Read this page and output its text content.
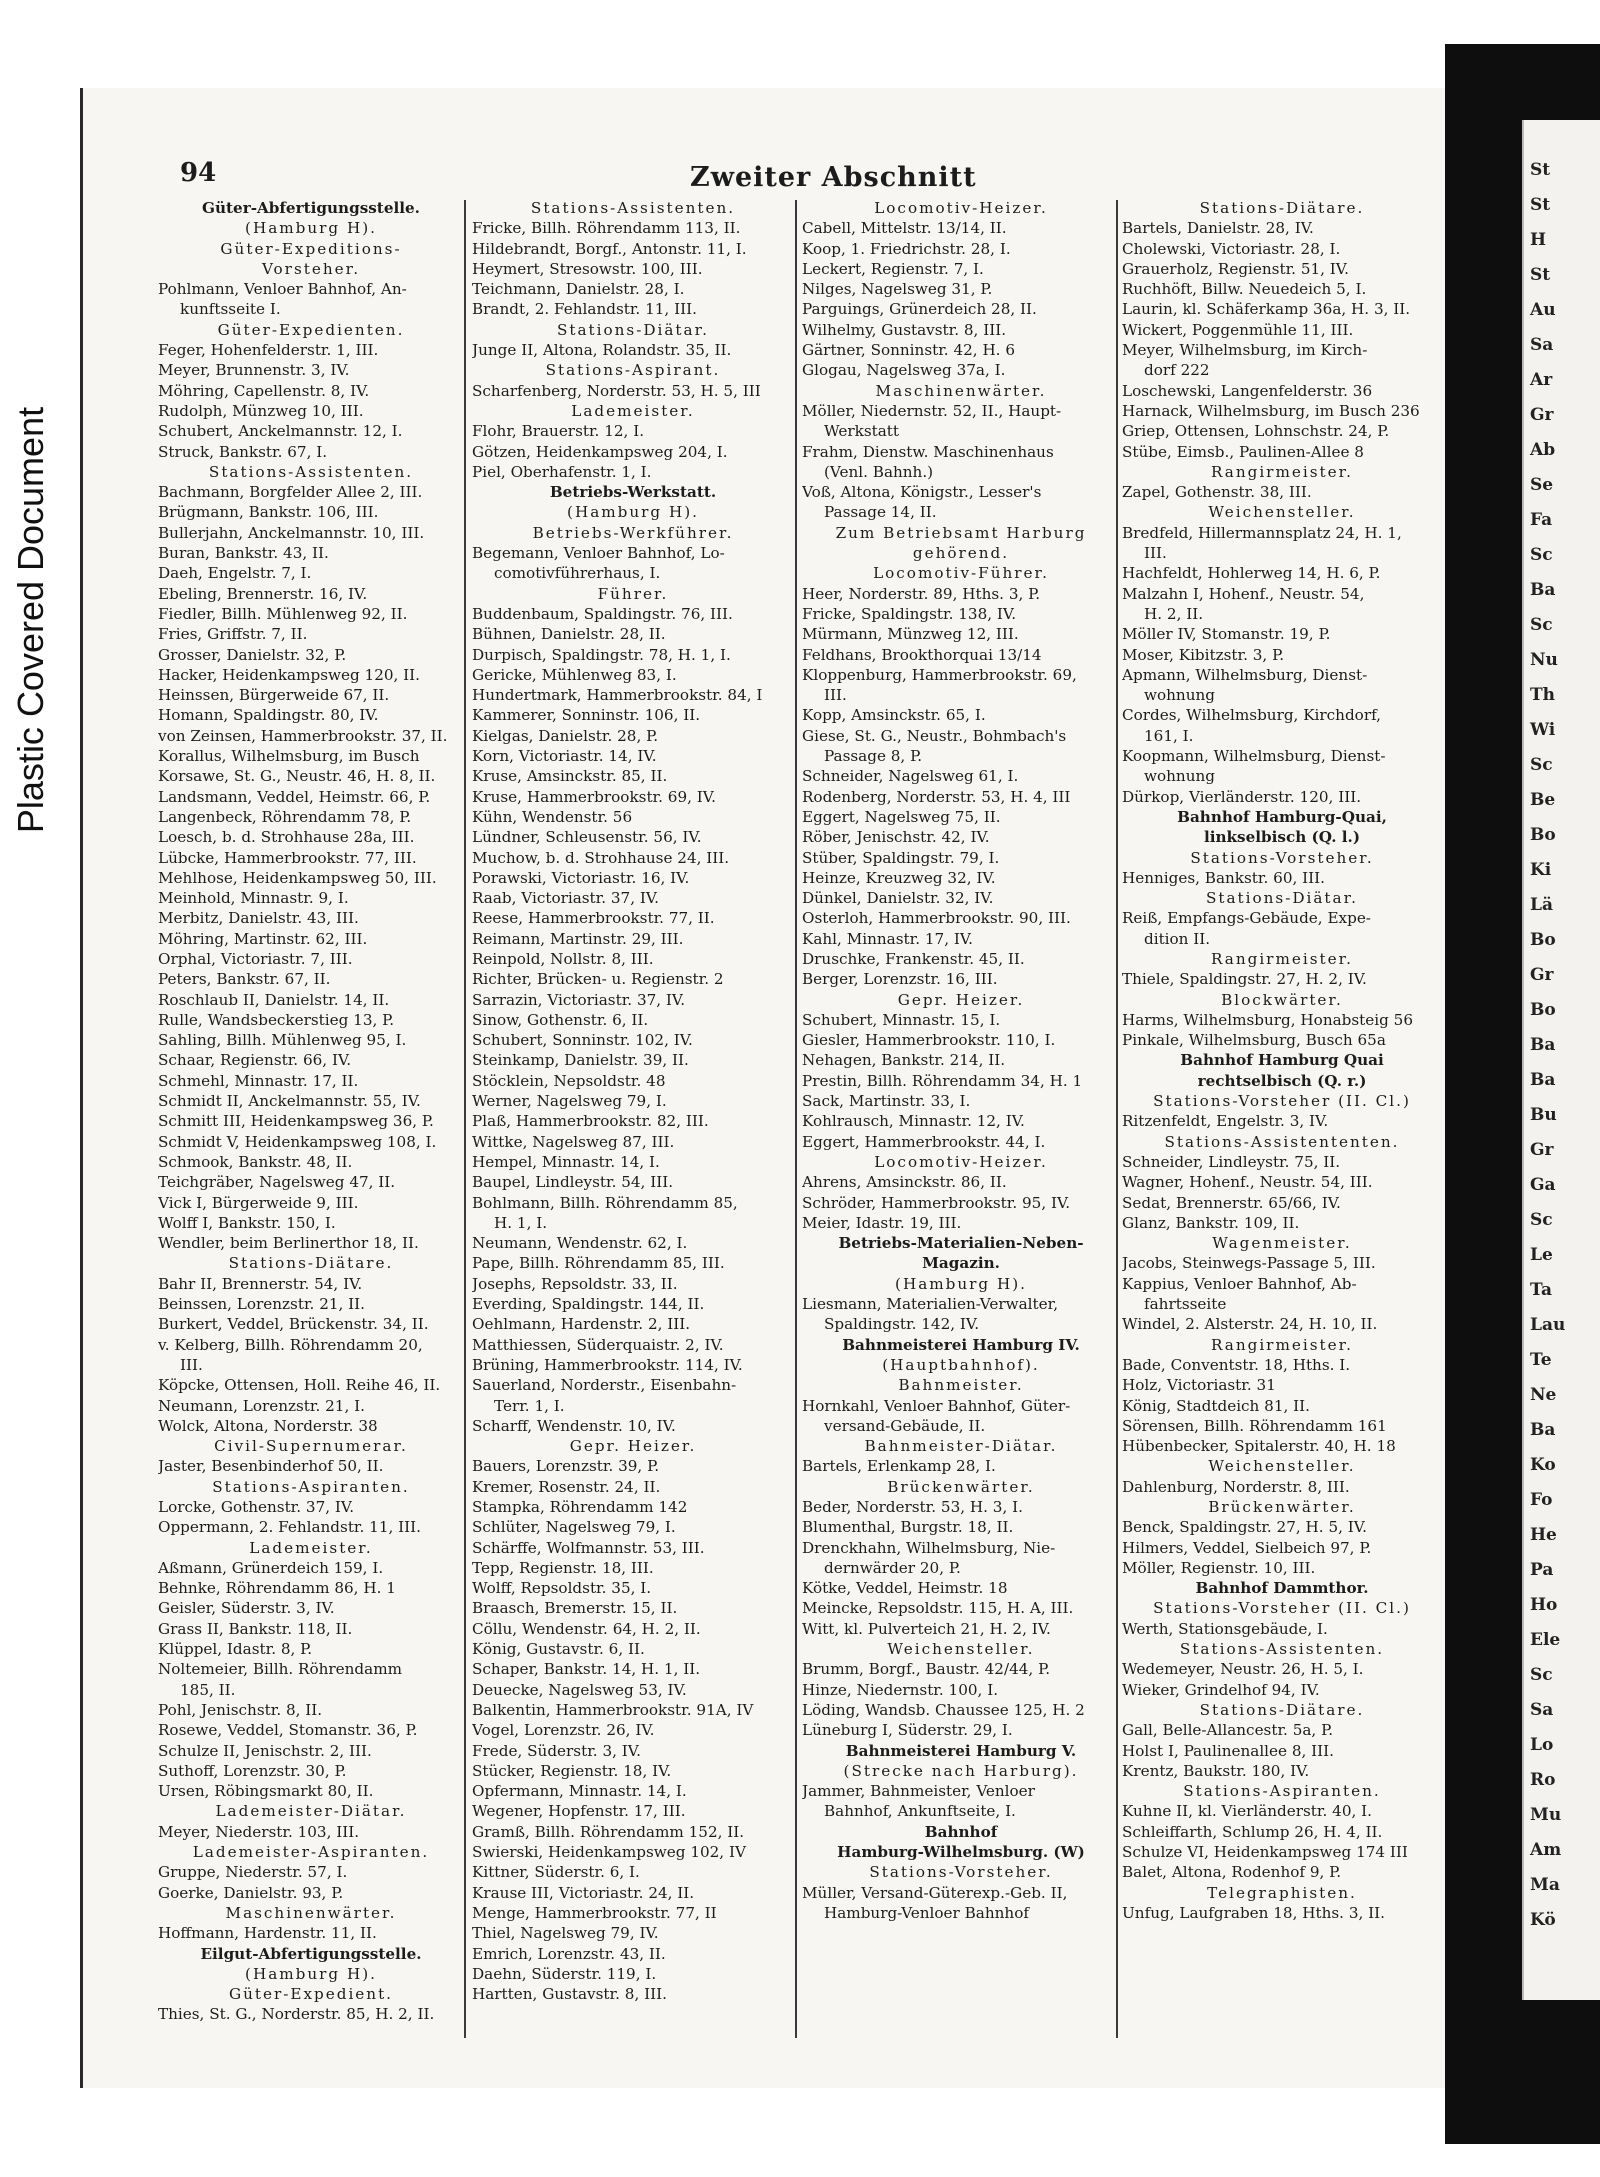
Plastic Covered Document
St
St
H
St
Au
Sa
Ar
Gr
Ab
Se
Fa
Sc
Ba
Sc
Nu
Th
Wi
Sc
Be
Bo
Ki
Lä
Bo
Gr
Bo
Ba
Ba
Bu
Gr
Ga
Sc
Le
Ta
Lau
Te
Ne
Ba
Ko
Fo
He
Pa
Ho
Ele
Sc
Sa
Lo
Ro
Mu
Am
Ma
Kö
94	Zweiter Abschnitt
Güter-Abfertigungsstelle.
(Hamburg H).
Güter-Expeditions-
Vorsteher.
Pohlmann, Venloer Bahnhof, An-
kunftsseite I.
Güter-Expedienten.
Feger, Hohenfelderstr. 1, III.
Meyer, Brunnenstr. 3, IV.
Möhring, Capellenstr. 8, IV.
Rudolph, Münzweg 10, III.
Schubert, Anckelmannstr. 12, I.
Struck, Bankstr. 67, I.
Stations-Assistenten.
Bachmann, Borgfelder Allee 2, III.
Brügmann, Bankstr. 106, III.
Bullerjahn, Anckelmannstr. 10, III.
Buran, Bankstr. 43, II.
Daeh, Engelstr. 7, I.
Ebeling, Brennerstr. 16, IV.
Fiedler, Billh. Mühlenweg 92, II.
Fries, Griffstr. 7, II.
Grosser, Danielstr. 32, P.
Hacker, Heidenkampsweg 120, II.
Heinssen, Bürgerweide 67, II.
Homann, Spaldingstr. 80, IV.
von Zeinsen, Hammerbrookstr. 37, II.
Korallus, Wilhelmsburg, im Busch
Korsawe, St. G., Neustr. 46, H. 8, II.
Landsmann, Veddel, Heimstr. 66, P.
Langenbeck, Röhrendamm 78, P.
Loesch, b. d. Strohhause 28a, III.
Lübcke, Hammerbrookstr. 77, III.
Mehlhose, Heidenkampsweg 50, III.
Meinhold, Minnastr. 9, I.
Merbitz, Danielstr. 43, III.
Möhring, Martinstr. 62, III.
Orphal, Victoriastr. 7, III.
Peters, Bankstr. 67, II.
Roschlaub II, Danielstr. 14, II.
Rulle, Wandsbeckerstieg 13, P.
Sahling, Billh. Mühlenweg 95, I.
Schaar, Regienstr. 66, IV.
Schmehl, Minnastr. 17, II.
Schmidt II, Anckelmannstr. 55, IV.
Schmitt III, Heidenkampsweg 36, P.
Schmidt V, Heidenkampsweg 108, I.
Schmook, Bankstr. 48, II.
Teichgräber, Nagelsweg 47, II.
Vick I, Bürgerweide 9, III.
Wolff I, Bankstr. 150, I.
Wendler, beim Berlinerthor 18, II.
Stations-Diätare.
Bahr II, Brennerstr. 54, IV.
Beinssen, Lorenzstr. 21, II.
Burkert, Veddel, Brückenstr. 34, II.
v. Kelberg, Billh. Röhrendamm 20,
III.
Köpcke, Ottensen, Holl. Reihe 46, II.
Neumann, Lorenzstr. 21, I.
Wolck, Altona, Norderstr. 38
Civil-Supernumerar.
Jaster, Besenbinderhof 50, II.
Stations-Aspiranten.
Lorcke, Gothenstr. 37, IV.
Oppermann, 2. Fehlandstr. 11, III.
Lademeister.
Aßmann, Grünerdeich 159, I.
Behnke, Röhrendamm 86, H. 1
Geisler, Süderstr. 3, IV.
Grass II, Bankstr. 118, II.
Klüppel, Idastr. 8, P.
Noltemeier, Billh. Röhrendamm
185, II.
Pohl, Jenischstr. 8, II.
Rosewe, Veddel, Stomanstr. 36, P.
Schulze II, Jenischstr. 2, III.
Suthoff, Lorenzstr. 30, P.
Ursen, Röbingsmarkt 80, II.
Lademeister-Diätar.
Meyer, Niederstr. 103, III.
Lademeister-Aspiranten.
Gruppe, Niederstr. 57, I.
Goerke, Danielstr. 93, P.
Maschinenwärter.
Hoffmann, Hardenstr. 11, II.
Eilgut-Abfertigungsstelle.
(Hamburg H).
Güter-Expedient.
Thies, St. G., Norderstr. 85, H. 2, II.
Stations-Assistenten.
Fricke, Billh. Röhrendamm 113, II.
Hildebrandt, Borgf., Antonstr. 11, I.
Heymert, Stresowstr. 100, III.
Teichmann, Danielstr. 28, I.
Brandt, 2. Fehlandstr. 11, III.
Stations-Diätar.
Junge II, Altona, Rolandstr. 35, II.
Stations-Aspirant.
Scharfenberg, Norderstr. 53, H. 5, III
Lademeister.
Flohr, Brauerstr. 12, I.
Götzen, Heidenkampsweg 204, I.
Piel, Oberhafenstr. 1, I.
Betriebs-Werkstatt.
(Hamburg H).
Betriebs-Werkführer.
Begemann, Venloer Bahnhof, Lo-
comotivführerhaus, I.
Führer.
Buddenbaum, Spaldingstr. 76, III.
Bühnen, Danielstr. 28, II.
Durpisch, Spaldingstr. 78, H. 1, I.
Gericke, Mühlenweg 83, I.
Hundertmark, Hammerbrookstr. 84, I
Kammerer, Sonninstr. 106, II.
Kielgas, Danielstr. 28, P.
Korn, Victoriastr. 14, IV.
Kruse, Amsinckstr. 85, II.
Kruse, Hammerbrookstr. 69, IV.
Kühn, Wendenstr. 56
Lündner, Schleusenstr. 56, IV.
Muchow, b. d. Strohhause 24, III.
Porawski, Victoriastr. 16, IV.
Raab, Victoriastr. 37, IV.
Reese, Hammerbrookstr. 77, II.
Reimann, Martinstr. 29, III.
Reinpold, Nollstr. 8, III.
Richter, Brücken- u. Regienstr. 2
Sarrazin, Victoriastr. 37, IV.
Sinow, Gothenstr. 6, II.
Schubert, Sonninstr. 102, IV.
Steinkamp, Danielstr. 39, II.
Stöcklein, Nepsoldstr. 48
Werner, Nagelsweg 79, I.
Plaß, Hammerbrookstr. 82, III.
Wittke, Nagelsweg 87, III.
Hempel, Minnastr. 14, I.
Baupel, Lindleystr. 54, III.
Bohlmann, Billh. Röhrendamm 85,
H. 1, I.
Neumann, Wendenstr. 62, I.
Pape, Billh. Röhrendamm 85, III.
Josephs, Repsoldstr. 33, II.
Everding, Spaldingstr. 144, II.
Oehlmann, Hardenstr. 2, III.
Matthiessen, Süderquaistr. 2, IV.
Brüning, Hammerbrookstr. 114, IV.
Sauerland, Norderstr., Eisenbahn-
Terr. 1, I.
Scharff, Wendenstr. 10, IV.
Gepr. Heizer.
Bauers, Lorenzstr. 39, P.
Kremer, Rosenstr. 24, II.
Stampka, Röhrendamm 142
Schlüter, Nagelsweg 79, I.
Schärffe, Wolfmannstr. 53, III.
Tepp, Regienstr. 18, III.
Wolff, Repsoldstr. 35, I.
Braasch, Bremerstr. 15, II.
Cöllu, Wendenstr. 64, H. 2, II.
König, Gustavstr. 6, II.
Schaper, Bankstr. 14, H. 1, II.
Deuecke, Nagelsweg 53, IV.
Balkentin, Hammerbrookstr. 91A, IV
Vogel, Lorenzstr. 26, IV.
Frede, Süderstr. 3, IV.
Stücker, Regienstr. 18, IV.
Opfermann, Minnastr. 14, I.
Wegener, Hopfenstr. 17, III.
Gramß, Billh. Röhrendamm 152, II.
Swierski, Heidenkampsweg 102, IV
Kittner, Süderstr. 6, I.
Krause III, Victoriastr. 24, II.
Menge, Hammerbrookstr. 77, II
Thiel, Nagelsweg 79, IV.
Emrich, Lorenzstr. 43, II.
Daehn, Süderstr. 119, I.
Hartten, Gustavstr. 8, III.
Locomotiv-Heizer.
Cabell, Mittelstr. 13/14, II.
Koop, 1. Friedrichstr. 28, I.
Leckert, Regienstr. 7, I.
Nilges, Nagelsweg 31, P.
Parguings, Grünerdeich 28, II.
Wilhelmy, Gustavstr. 8, III.
Gärtner, Sonninstr. 42, H. 6
Glogau, Nagelsweg 37a, I.
Maschinenwärter.
Möller, Niedernstr. 52, II., Haupt-
Werkstatt
Frahm, Dienstw. Maschinenhaus
(Venl. Bahnh.)
Voß, Altona, Königstr., Lesser's
Passage 14, II.
Zum Betriebsamt Harburg
gehörend.
Locomotiv-Führer.
Heer, Norderstr. 89, Hths. 3, P.
Fricke, Spaldingstr. 138, IV.
Mürmann, Münzweg 12, III.
Feldhans, Brookthorquai 13/14
Kloppenburg, Hammerbrookstr. 69,
III.
Kopp, Amsinckstr. 65, I.
Giese, St. G., Neustr., Bohmbach's
Passage 8, P.
Schneider, Nagelsweg 61, I.
Rodenberg, Norderstr. 53, H. 4, III
Eggert, Nagelsweg 75, II.
Röber, Jenischstr. 42, IV.
Stüber, Spaldingstr. 79, I.
Heinze, Kreuzweg 32, IV.
Dünkel, Danielstr. 32, IV.
Osterloh, Hammerbrookstr. 90, III.
Kahl, Minnastr. 17, IV.
Druschke, Frankenstr. 45, II.
Berger, Lorenzstr. 16, III.
Gepr. Heizer.
Schubert, Minnastr. 15, I.
Giesler, Hammerbrookstr. 110, I.
Nehagen, Bankstr. 214, II.
Prestin, Billh. Röhrendamm 34, H. 1
Sack, Martinstr. 33, I.
Kohlrausch, Minnastr. 12, IV.
Eggert, Hammerbrookstr. 44, I.
Locomotiv-Heizer.
Ahrens, Amsinckstr. 86, II.
Schröder, Hammerbrookstr. 95, IV.
Meier, Idastr. 19, III.
Betriebs-Materialien-Neben-
Magazin.
(Hamburg H).
Liesmann, Materialien-Verwalter,
Spaldingstr. 142, IV.
Bahnmeisterei Hamburg IV.
(Hauptbahnhof).
Bahnmeister.
Hornkahl, Venloer Bahnhof, Güter-
versand-Gebäude, II.
Bahnmeister-Diätar.
Bartels, Erlenkamp 28, I.
Brückenwärter.
Beder, Norderstr. 53, H. 3, I.
Blumenthal, Burgstr. 18, II.
Drenckhahn, Wilhelmsburg, Nie-
dernwärder 20, P.
Kötke, Veddel, Heimstr. 18
Meincke, Repsoldstr. 115, H. A, III.
Witt, kl. Pulverteich 21, H. 2, IV.
Weichensteller.
Brumm, Borgf., Baustr. 42/44, P.
Hinze, Niedernstr. 100, I.
Löding, Wandsb. Chaussee 125, H. 2
Lüneburg I, Süderstr. 29, I.
Bahnmeisterei Hamburg V.
(Strecke nach Harburg).
Jammer, Bahnmeister, Venloer
Bahnhof, Ankunftseite, I.
Bahnhof
Hamburg-Wilhelmsburg. (W)
Stations-Vorsteher.
Müller, Versand-Güterexp.-Geb. II,
Hamburg-Venloer Bahnhof
Stations-Diätare.
Bartels, Danielstr. 28, IV.
Cholewski, Victoriastr. 28, I.
Grauerholz, Regienstr. 51, IV.
Ruchhöft, Billw. Neuedeich 5, I.
Laurin, kl. Schäferkamp 36a, H. 3, II.
Wickert, Poggenmühle 11, III.
Meyer, Wilhelmsburg, im Kirch-
dorf 222
Loschewski, Langenfelderstr. 36
Harnack, Wilhelmsburg, im Busch 236
Griep, Ottensen, Lohnschstr. 24, P.
Stübe, Eimsb., Paulinen-Allee 8
Rangirmeister.
Zapel, Gothenstr. 38, III.
Weichensteller.
Bredfeld, Hillermannsplatz 24, H. 1,
III.
Hachfeldt, Hohlerweg 14, H. 6, P.
Malzahn I, Hohenf., Neustr. 54,
H. 2, II.
Möller IV, Stomanstr. 19, P.
Moser, Kibitzstr. 3, P.
Apmann, Wilhelmsburg, Dienst-
wohnung
Cordes, Wilhelmsburg, Kirchdorf,
161, I.
Koopmann, Wilhelmsburg, Dienst-
wohnung
Dürkop, Vierländerstr. 120, III.
Bahnhof Hamburg-Quai,
linkselbisch (Q. l.)
Stations-Vorsteher.
Henniges, Bankstr. 60, III.
Stations-Diätar.
Reiß, Empfangs-Gebäude, Expe-
dition II.
Rangirmeister.
Thiele, Spaldingstr. 27, H. 2, IV.
Blockwärter.
Harms, Wilhelmsburg, Honabsteig 56
Pinkale, Wilhelmsburg, Busch 65a
Bahnhof Hamburg Quai
rechtselbisch (Q. r.)
Stations-Vorsteher (II. Cl.)
Ritzenfeldt, Engelstr. 3, IV.
Stations-Assistententen.
Schneider, Lindleystr. 75, II.
Wagner, Hohenf., Neustr. 54, III.
Sedat, Brennerstr. 65/66, IV.
Glanz, Bankstr. 109, II.
Wagenmeister.
Jacobs, Steinwegs-Passage 5, III.
Kappius, Venloer Bahnhof, Ab-
fahrtsseite
Windel, 2. Alsterstr. 24, H. 10, II.
Rangirmeister.
Bade, Conventstr. 18, Hths. I.
Holz, Victoriastr. 31
König, Stadtdeich 81, II.
Sörensen, Billh. Röhrendamm 161
Hübenbecker, Spitalerstr. 40, H. 18
Weichensteller.
Dahlenburg, Norderstr. 8, III.
Brückenwärter.
Benck, Spaldingstr. 27, H. 5, IV.
Hilmers, Veddel, Sielbeich 97, P.
Möller, Regienstr. 10, III.
Bahnhof Dammthor.
Stations-Vorsteher (II. Cl.)
Werth, Stationsgebäude, I.
Stations-Assistenten.
Wedemeyer, Neustr. 26, H. 5, I.
Wieker, Grindelhof 94, IV.
Stations-Diätare.
Gall, Belle-Allancestr. 5a, P.
Holst I, Paulinenallee 8, III.
Krentz, Baukstr. 180, IV.
Stations-Aspiranten.
Kuhne II, kl. Vierländerstr. 40, I.
Schleiffarth, Schlump 26, H. 4, II.
Schulze VI, Heidenkampsweg 174 III
Balet, Altona, Rodenhof 9, P.
Telegraphisten.
Unfug, Laufgraben 18, Hths. 3, II.
